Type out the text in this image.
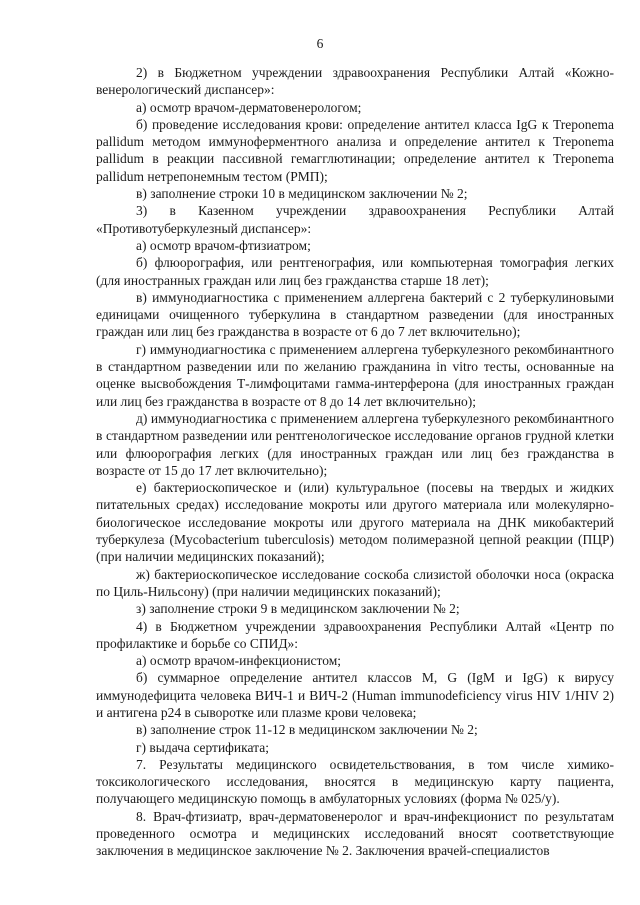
6

2) в Бюджетном учреждении здравоохранения Республики Алтай «Кожно-венерологический диспансер»:

а) осмотр врачом-дерматовенерологом;

б) проведение исследования крови: определение антител класса IgG к Treponema pallidum методом иммуноферментного анализа и определение антител к Treponema pallidum в реакции пассивной гемагглютинации; определение антител к Treponema pallidum нетрепонемным тестом (РМП);

в) заполнение строки 10 в медицинском заключении № 2;

3) в Казенном учреждении здравоохранения Республики Алтай «Противотуберкулезный диспансер»:

а) осмотр врачом-фтизиатром;

б) флюорография, или рентгенография, или компьютерная томография легких (для иностранных граждан или лиц без гражданства старше 18 лет);

в) иммунодиагностика с применением аллергена бактерий с 2 туберкулиновыми единицами очищенного туберкулина в стандартном разведении (для иностранных граждан или лиц без гражданства в возрасте от 6 до 7 лет включительно);

г) иммунодиагностика с применением аллергена туберкулезного рекомбинантного в стандартном разведении или по желанию гражданина in vitro тесты, основанные на оценке высвобождения Т-лимфоцитами гамма-интерферона (для иностранных граждан или лиц без гражданства в возрасте от 8 до 14 лет включительно);

д) иммунодиагностика с применением аллергена туберкулезного рекомбинантного в стандартном разведении или рентгенологическое исследование органов грудной клетки или флюорография легких (для иностранных граждан или лиц без гражданства в возрасте от 15 до 17 лет включительно);

е) бактериоскопическое и (или) культуральное (посевы на твердых и жидких питательных средах) исследование мокроты или другого материала или молекулярно-биологическое исследование мокроты или другого материала на ДНК микобактерий туберкулеза (Mycobacterium tuberculosis) методом полимеразной цепной реакции (ПЦР) (при наличии медицинских показаний);

ж) бактериоскопическое исследование соскоба слизистой оболочки носа (окраска по Циль-Нильсону) (при наличии медицинских показаний);

з) заполнение строки 9 в медицинском заключении № 2;

4) в Бюджетном учреждении здравоохранения Республики Алтай «Центр по профилактике и борьбе со СПИД»:

а) осмотр врачом-инфекционистом;

б) суммарное определение антител классов M, G (IgM и IgG) к вирусу иммунодефицита человека ВИЧ-1 и ВИЧ-2 (Human immunodeficiency virus HIV 1/HIV 2) и антигена p24 в сыворотке или плазме крови человека;

в) заполнение строк 11-12 в медицинском заключении № 2;

г) выдача сертификата;

7. Результаты медицинского освидетельствования, в том числе химико-токсикологического исследования, вносятся в медицинскую карту пациента, получающего медицинскую помощь в амбулаторных условиях (форма № 025/у).

8. Врач-фтизиатр, врач-дерматовенеролог и врач-инфекционист по результатам проведенного осмотра и медицинских исследований вносят соответствующие заключения в медицинское заключение № 2. Заключения врачей-специалистов
